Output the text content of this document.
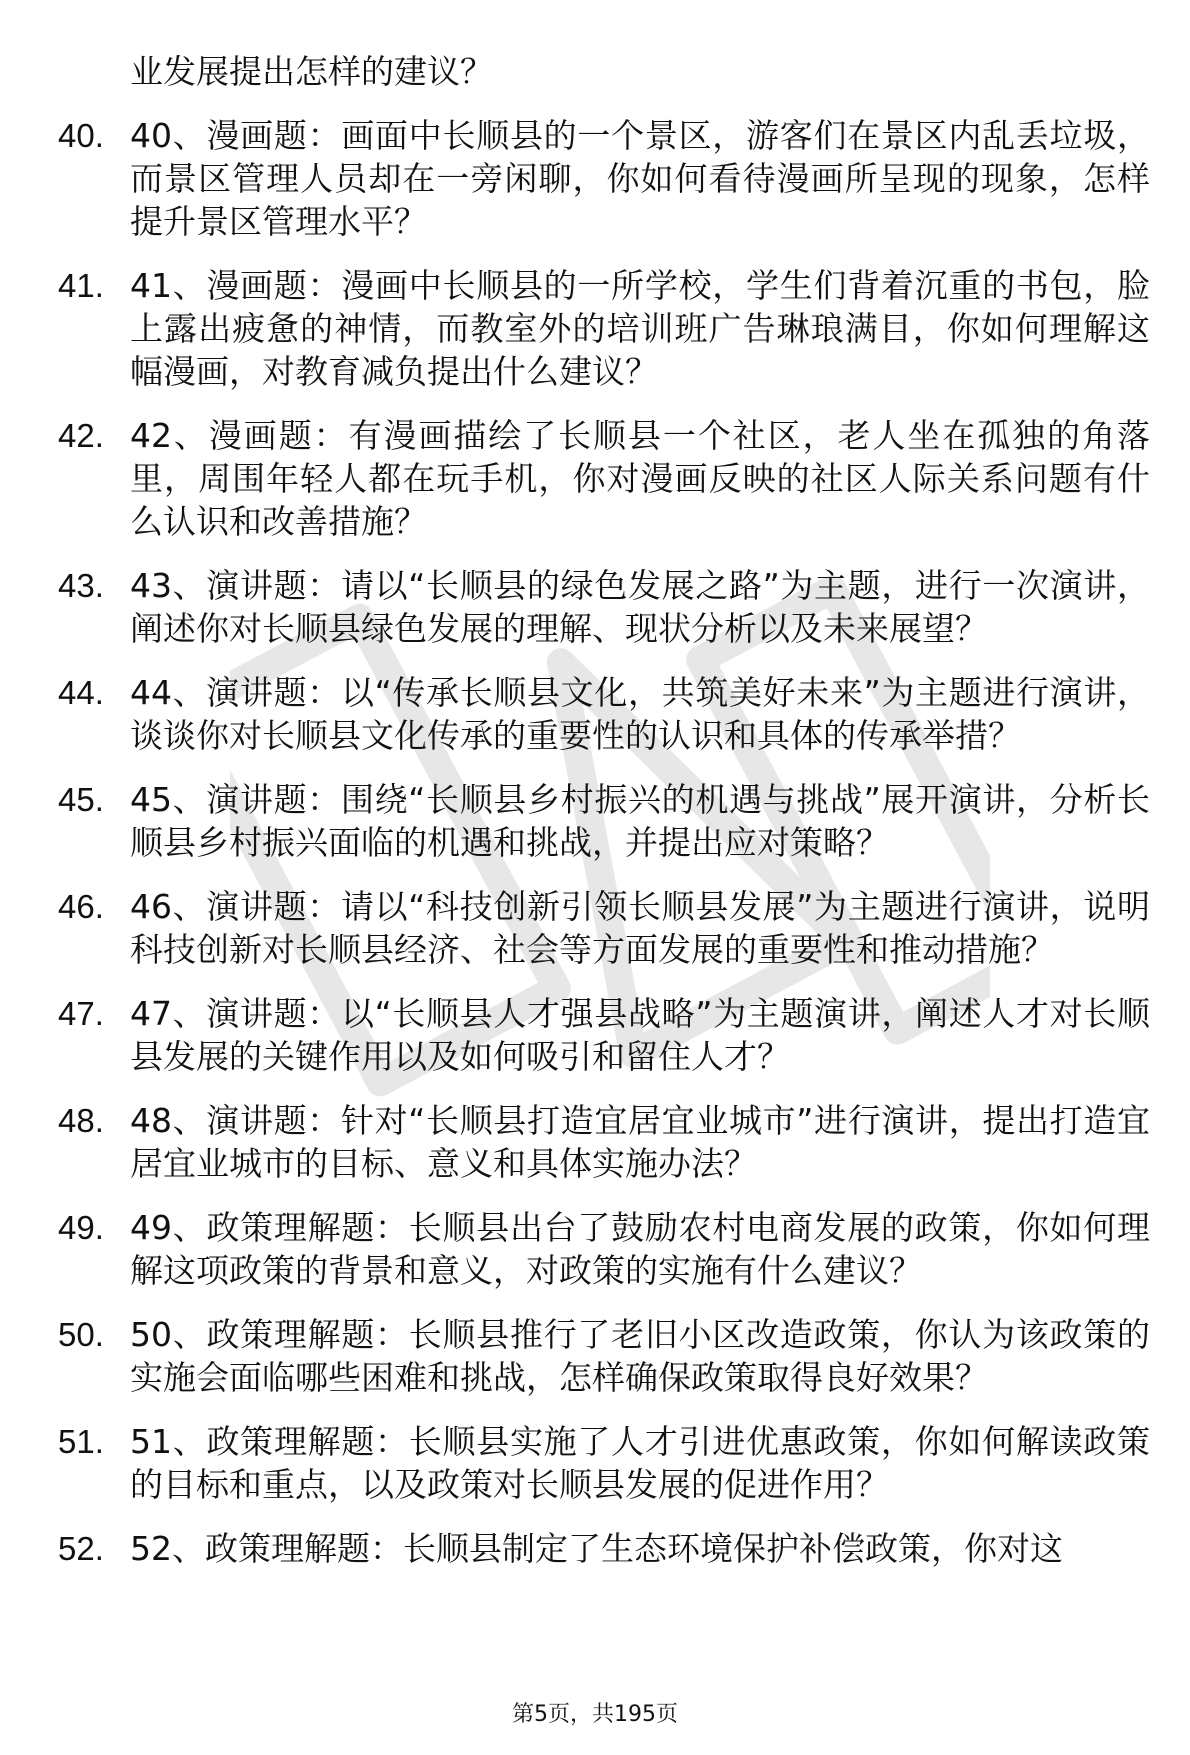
业发展提出怎样的建议？

40. 40、漫画题：画面中长顺县的一个景区，游客们在景区内乱丢垃圾，而景区管理人员却在一旁闲聊，你如何看待漫画所呈现的现象，怎样提升景区管理水平？
41. 41、漫画题：漫画中长顺县的一所学校，学生们背着沉重的书包，脸上露出疲惫的神情，而教室外的培训班广告琳琅满目，你如何理解这幅漫画，对教育减负提出什么建议？
42. 42、漫画题：有漫画描绘了长顺县一个社区，老人坐在孤独的角落里，周围年轻人都在玩手机，你对漫画反映的社区人际关系问题有什么认识和改善措施？
43. 43、演讲题：请以“长顺县的绿色发展之路”为主题，进行一次演讲，阐述你对长顺县绿色发展的理解、现状分析以及未来展望？
44. 44、演讲题：以“传承长顺县文化，共筑美好未来”为主题进行演讲，谈谈你对长顺县文化传承的重要性的认识和具体的传承举措？
45. 45、演讲题：围绕“长顺县乡村振兴的机遇与挑战”展开演讲，分析长顺县乡村振兴面临的机遇和挑战，并提出应对策略？
46. 46、演讲题：请以“科技创新引领长顺县发展”为主题进行演讲，说明科技创新对长顺县经济、社会等方面发展的重要性和推动措施？
47. 47、演讲题：以“长顺县人才强县战略”为主题演讲，阐述人才对长顺县发展的关键作用以及如何吸引和留住人才？
48. 48、演讲题：针对“长顺县打造宜居宜业城市”进行演讲，提出打造宜居宜业城市的目标、意义和具体实施办法？
49. 49、政策理解题：长顺县出台了鼓励农村电商发展的政策，你如何理解这项政策的背景和意义，对政策的实施有什么建议？
50. 50、政策理解题：长顺县推行了老旧小区改造政策，你认为该政策的实施会面临哪些困难和挑战，怎样确保政策取得良好效果？
51. 51、政策理解题：长顺县实施了人才引进优惠政策，你如何解读政策的目标和重点，以及政策对长顺县发展的促进作用？
52. 52、政策理解题：长顺县制定了生态环境保护补偿政策，你对这
第5页，共195页
